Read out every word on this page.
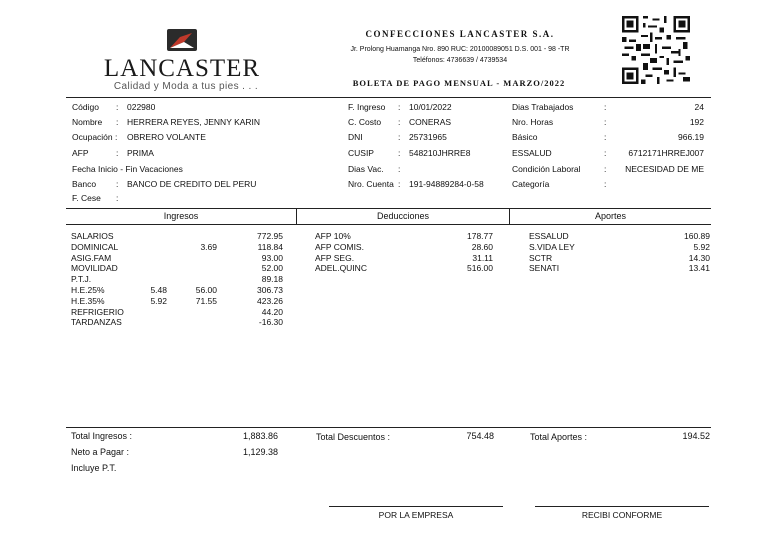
LANCASTER
Calidad y Moda a tus pies . . .
CONFECCIONES LANCASTER S.A.
Jr. Prolong Huamanga Nro. 890 RUC: 20100089051 D.S. 001 - 98 -TR
Teléfonos: 4736639 / 4739534
BOLETA DE PAGO MENSUAL - MARZO/2022
Código : 022980
Nombre : HERRERA REYES, JENNY KARIN
Ocupación : OBRERO VOLANTE
AFP	: PRIMA
Fecha Inicio - Fin Vacaciones
Banco : BANCO DE CREDITO DEL PERU
F. Cese :
F. Ingreso : 10/01/2022
C. Costo : CONERAS
DNI	: 25731965
CUSIP	: 548210JHRRE8
Dias Vac. :
Nro. Cuenta : 191-94889284-0-58
Dias Trabajados	:	24
Nro. Horas	:	192
Básico	:	966.19
ESSALUD	:	6712171HRREJ007
Condición Laboral	:	NECESIDAD DE ME
Categoría	:
Ingresos	Deducciones	Aportes
SALARIOS	772.95
DOMINICAL	3.69	118.84
ASIG.FAM	93.00
MOVILIDAD	52.00
P.T.J.	89.18
H.E.25%	5.48	56.00	306.73
H.E.35%	5.92	71.55	423.26
REFRIGERIO	44.20
TARDANZAS	-16.30
AFP 10%	178.77
AFP COMIS.	28.60
AFP SEG.	31.11
ADEL.QUINC	516.00
ESSALUD	160.89
S.VIDA LEY	5.92
SCTR	14.30
SENATI	13.41
Total Ingresos :	1,883.86
Neto a Pagar :	1,129.38
Incluye P.T.
Total Descuentos :	754.48	Total Aportes :	194.52
POR LA EMPRESA	RECIBI CONFORME
